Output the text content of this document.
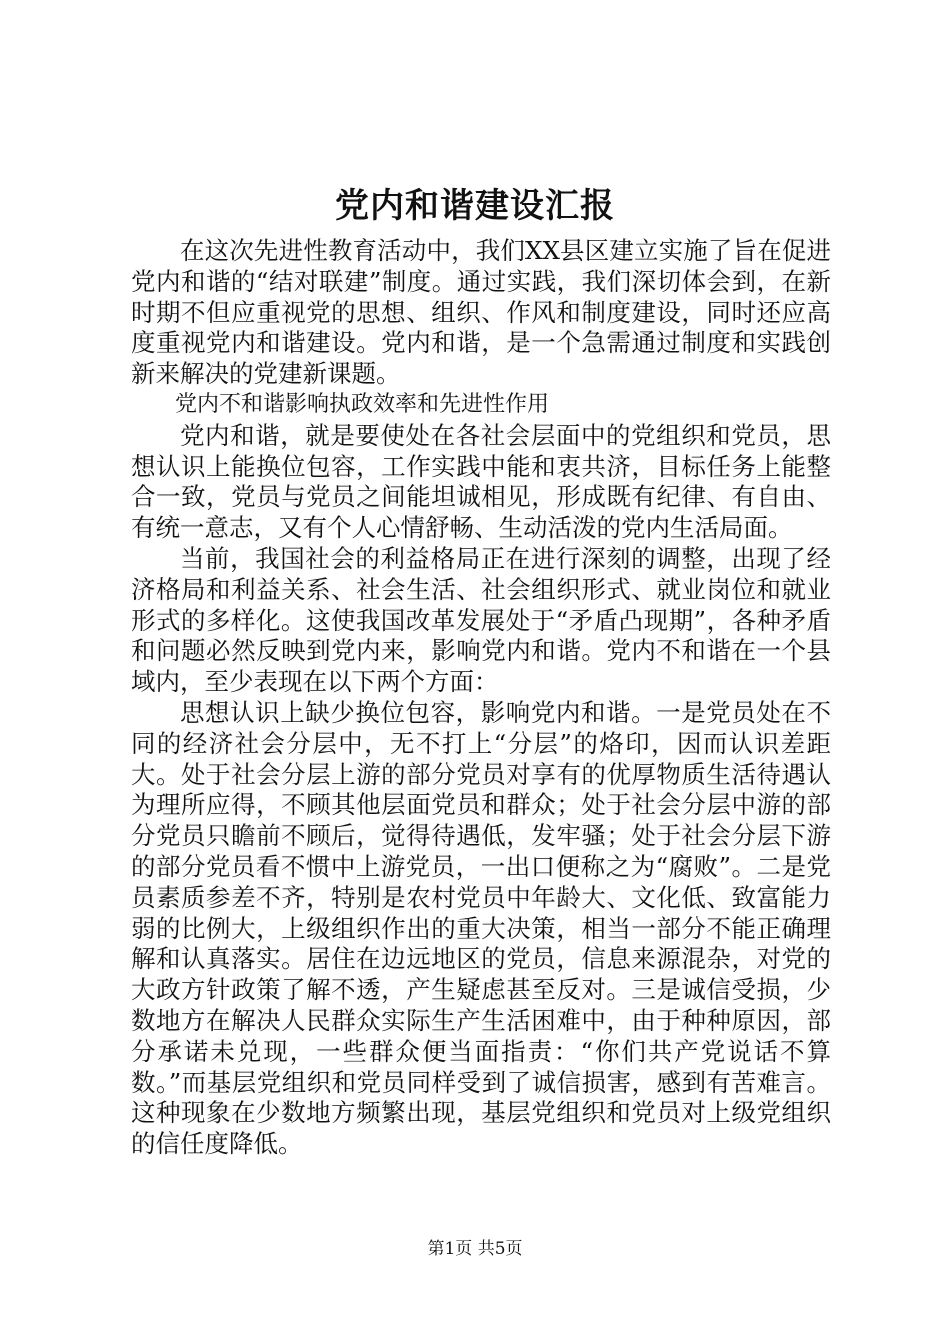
党内和谐建设汇报

在这次先进性教育活动中，我们XX县区建立实施了旨在促进党内和谐的“结对联建”制度。通过实践，我们深切体会到，在新时期不但应重视党的思想、组织、作风和制度建设，同时还应高度重视党内和谐建设。党内和谐，是一个急需通过制度和实践创新来解决的党建新课题。

党内不和谐影响执政效率和先进性作用

党内和谐，就是要使处在各社会层面中的党组织和党员，思想认识上能换位包容，工作实践中能和衷共济，目标任务上能整合一致，党员与党员之间能坦诚相见，形成既有纪律、有自由、有统一意志，又有个人心情舒畅、生动活泼的党内生活局面。

当前，我国社会的利益格局正在进行深刻的调整，出现了经济格局和利益关系、社会生活、社会组织形式、就业岗位和就业形式的多样化。这使我国改革发展处于“矛盾凸现期”，各种矛盾和问题必然反映到党内来，影响党内和谐。党内不和谐在一个县域内，至少表现在以下两个方面：

思想认识上缺少换位包容，影响党内和谐。一是党员处在不同的经济社会分层中，无不打上“分层”的烙印，因而认识差距大。处于社会分层上游的部分党员对享有的优厚物质生活待遇认为理所应得，不顾其他层面党员和群众；处于社会分层中游的部分党员只瞻前不顾后，觉得待遇低，发牢骚；处于社会分层下游的部分党员看不惯中上游党员，一出口便称之为“腐败”。二是党员素质参差不齐，特别是农村党员中年龄大、文化低、致富能力弱的比例大，上级组织作出的重大决策，相当一部分不能正确理解和认真落实。居住在边远地区的党员，信息来源混杂，对党的大政方针政策了解不透，产生疑虑甚至反对。三是诚信受损，少数地方在解决人民群众实际生产生活困难中，由于种种原因，部分承诺未兑现，一些群众便当面指责：“你们共产党说话不算数。”而基层党组织和党员同样受到了诚信损害，感到有苦难言。这种现象在少数地方频繁出现，基层党组织和党员对上级党组织的信任度降低。

第1页 共5页
